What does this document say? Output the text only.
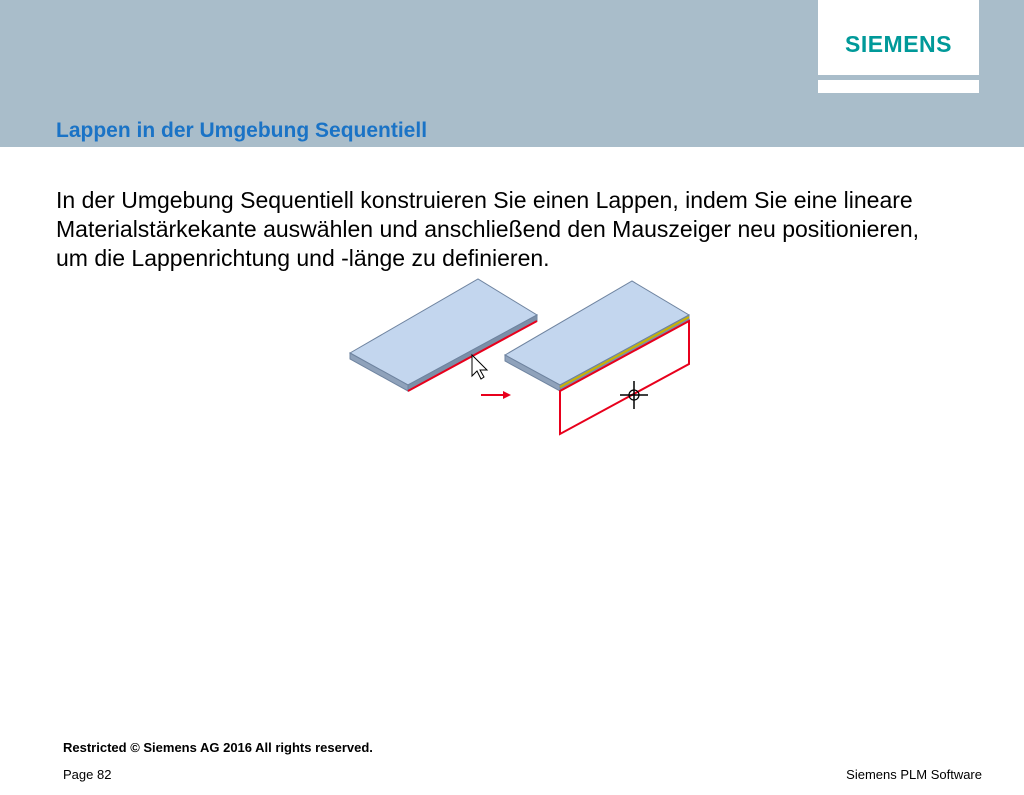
SIEMENS
Lappen in der Umgebung Sequentiell

In der Umgebung Sequentiell konstruieren Sie einen Lappen, indem Sie eine lineare Materialstärkekante auswählen und anschließend den Mauszeiger neu positionieren, um die Lappenrichtung und -länge zu definieren.

Restricted © Siemens AG 2016 All rights reserved.
Page 82	Siemens PLM Software
